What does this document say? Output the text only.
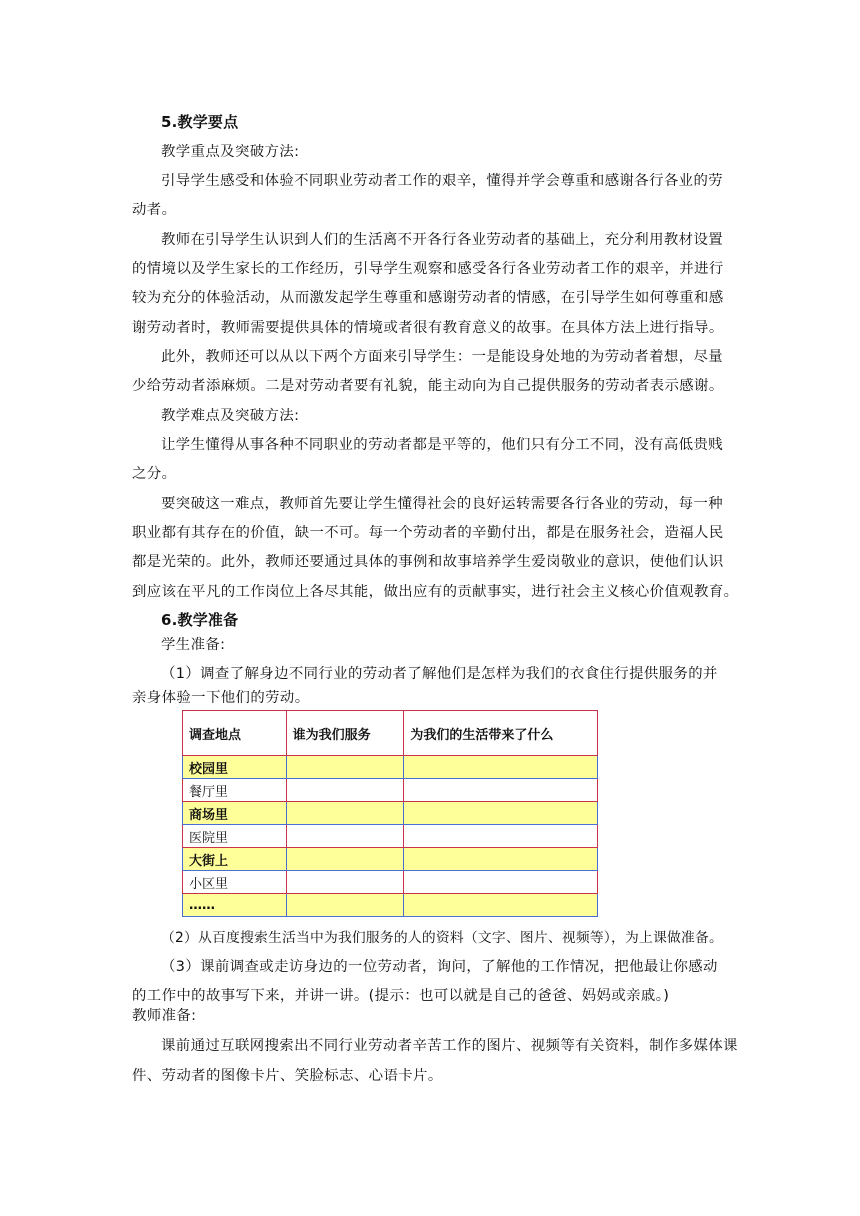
5.教学要点
教学重点及突破方法:
引导学生感受和体验不同职业劳动者工作的艰辛，懂得并学会尊重和感谢各行各业的劳
动者。
教师在引导学生认识到人们的生活离不开各行各业劳动者的基础上，充分利用教材设置
的情境以及学生家长的工作经历，引导学生观察和感受各行各业劳动者工作的艰辛，并进行
较为充分的体验活动，从而激发起学生尊重和感谢劳动者的情感，在引导学生如何尊重和感
谢劳动者时，教师需要提供具体的情境或者很有教育意义的故事。在具体方法上进行指导。
此外，教师还可以从以下两个方面来引导学生：一是能设身处地的为劳动者着想，尽量
少给劳动者添麻烦。二是对劳动者要有礼貌，能主动向为自己提供服务的劳动者表示感谢。
教学难点及突破方法:
让学生懂得从事各种不同职业的劳动者都是平等的，他们只有分工不同，没有高低贵贱
之分。
要突破这一难点，教师首先要让学生懂得社会的良好运转需要各行各业的劳动，每一种
职业都有其存在的价值，缺一不可。每一个劳动者的辛勤付出，都是在服务社会，造福人民
都是光荣的。此外，教师还要通过具体的事例和故事培养学生爱岗敬业的意识，使他们认识
到应该在平凡的工作岗位上各尽其能，做出应有的贡献事实，进行社会主义核心价值观教育。
6.教学准备
学生准备:
（1）调查了解身边不同行业的劳动者了解他们是怎样为我们的衣食住行提供服务的并
亲身体验一下他们的劳动。
调查地点	谁为我们服务	为我们的生活带来了什么
校园里		
餐厅里		
商场里		
医院里		
大街上		
小区里		
……		
（2）从百度搜索生活当中为我们服务的人的资料（文字、图片、视频等），为上课做准备。
（3）课前调查或走访身边的一位劳动者，询问，了解他的工作情况，把他最让你感动
的工作中的故事写下来，并讲一讲。(提示：也可以就是自己的爸爸、妈妈或亲戚。)
教师准备:
课前通过互联网搜索出不同行业劳动者辛苦工作的图片、视频等有关资料，制作多媒体课
件、劳动者的图像卡片、笑脸标志、心语卡片。
